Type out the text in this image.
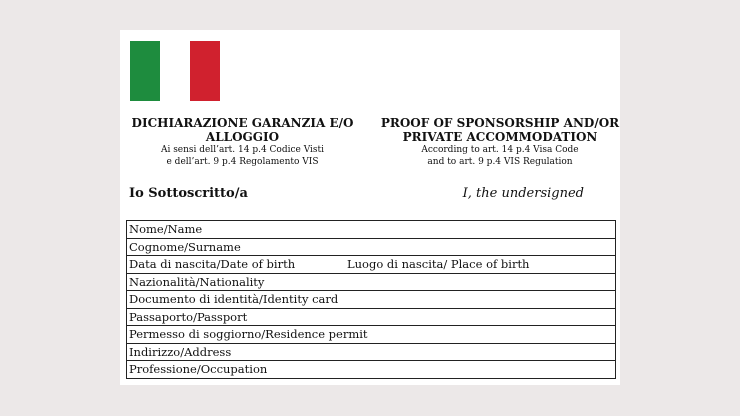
DICHIARAZIONE GARANZIA E/O
ALLOGGIO
Ai sensi dell’art. 14 p.4 Codice Visti
e dell’art. 9 p.4 Regolamento VIS
PROOF OF SPONSORSHIP AND/OR
PRIVATE ACCOMMODATION
According to art. 14 p.4 Visa Code
and to art. 9 p.4 VIS Regulation
Io Sottoscritto/a	I, the undersigned
Nome/Name
Cognome/Surname
Data di nascita/Date of birth	Luogo di nascita/ Place of birth
Nazionalità/Nationality
Documento di identità/Identity card
Passaporto/Passport
Permesso di soggiorno/Residence permit
Indirizzo/Address
Professione/Occupation
